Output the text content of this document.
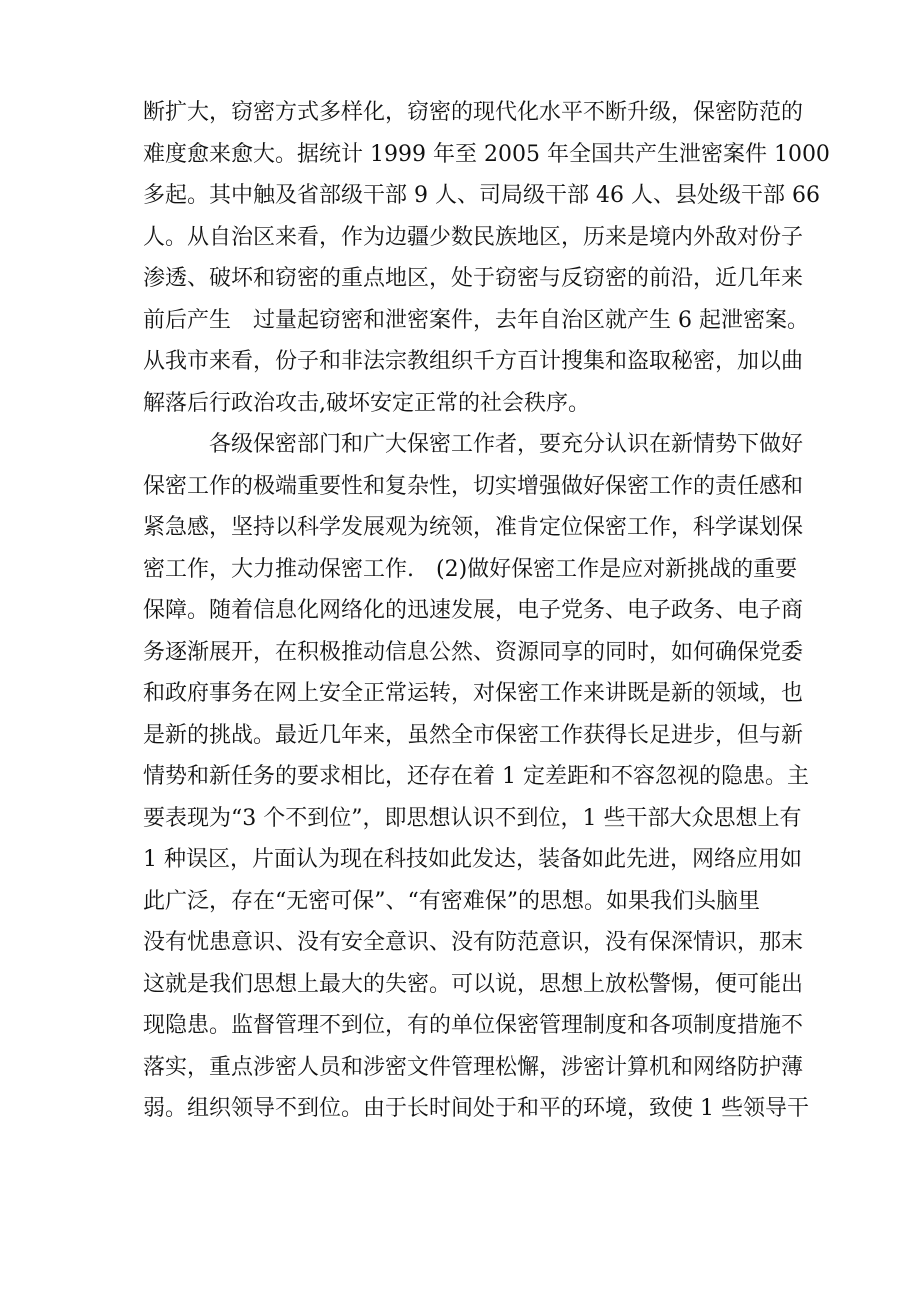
断扩大，窃密方式多样化，窃密的现代化水平不断升级，保密防范的
难度愈来愈大。据统计 1999 年至 2005 年全国共产生泄密案件 1000
多起。其中触及省部级干部 9 人、司局级干部 46 人、县处级干部 66
人。从自治区来看，作为边疆少数民族地区，历来是境内外敌对份子
渗透、破坏和窃密的重点地区，处于窃密与反窃密的前沿，近几年来
前后产生　过量起窃密和泄密案件，去年自治区就产生 6 起泄密案。
从我市来看，份子和非法宗教组织千方百计搜集和盗取秘密，加以曲
解落后行政治攻击,破坏安定正常的社会秩序。
　　　各级保密部门和广大保密工作者，要充分认识在新情势下做好
保密工作的极端重要性和复杂性，切实增强做好保密工作的责任感和
紧急感，坚持以科学发展观为统领，准肯定位保密工作，科学谋划保
密工作，大力推动保密工作.　(2)做好保密工作是应对新挑战的重要
保障。随着信息化网络化的迅速发展，电子党务、电子政务、电子商
务逐渐展开，在积极推动信息公然、资源同享的同时，如何确保党委
和政府事务在网上安全正常运转，对保密工作来讲既是新的领域，也
是新的挑战。最近几年来，虽然全市保密工作获得长足进步，但与新
情势和新任务的要求相比，还存在着 1 定差距和不容忽视的隐患。主
要表现为“3 个不到位”，即思想认识不到位，1 些干部大众思想上有
1 种误区，片面认为现在科技如此发达，装备如此先进，网络应用如
此广泛，存在“无密可保”、“有密难保”的思想。如果我们头脑里
没有忧患意识、没有安全意识、没有防范意识，没有保深情识，那末
这就是我们思想上最大的失密。可以说，思想上放松警惕，便可能出
现隐患。监督管理不到位，有的单位保密管理制度和各项制度措施不
落实，重点涉密人员和涉密文件管理松懈，涉密计算机和网络防护薄
弱。组织领导不到位。由于长时间处于和平的环境，致使 1 些领导干
